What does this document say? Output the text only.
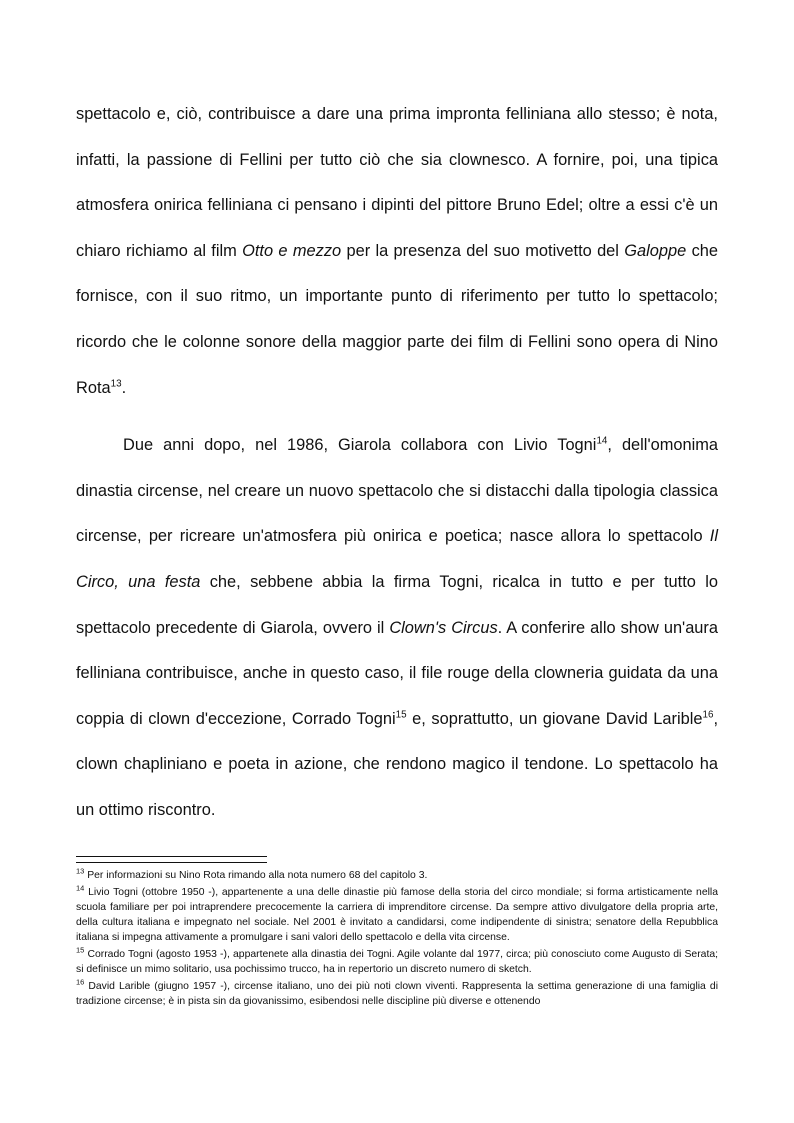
spettacolo e, ciò, contribuisce a dare una prima impronta felliniana allo stesso; è nota, infatti, la passione di Fellini per tutto ciò che sia clownesco. A fornire, poi, una tipica atmosfera onirica felliniana ci pensano i dipinti del pittore Bruno Edel; oltre a essi c'è un chiaro richiamo al film Otto e mezzo per la presenza del suo motivetto del Galoppe che fornisce, con il suo ritmo, un importante punto di riferimento per tutto lo spettacolo; ricordo che le colonne sonore della maggior parte dei film di Fellini sono opera di Nino Rota$^{13}$.

Due anni dopo, nel 1986, Giarola collabora con Livio Togni$^{14}$, dell'omonima dinastia circense, nel creare un nuovo spettacolo che si distacchi dalla tipologia classica circense, per ricreare un'atmosfera più onirica e poetica; nasce allora lo spettacolo Il Circo, una festa che, sebbene abbia la firma Togni, ricalca in tutto e per tutto lo spettacolo precedente di Giarola, ovvero il Clown's Circus. A conferire allo show un'aura felliniana contribuisce, anche in questo caso, il file rouge della clowneria guidata da una coppia di clown d'eccezione, Corrado Togni$^{15}$ e, soprattutto, un giovane David Larible$^{16}$, clown chapliniano e poeta in azione, che rendono magico il tendone. Lo spettacolo ha un ottimo riscontro.

$^{13}$ Per informazioni su Nino Rota rimando alla nota numero 68 del capitolo 3.

$^{14}$ Livio Togni (ottobre 1950 -), appartenente a una delle dinastie più famose della storia del circo mondiale; si forma artisticamente nella scuola familiare per poi intraprendere precocemente la carriera di imprenditore circense. Da sempre attivo divulgatore della propria arte, della cultura italiana e impegnato nel sociale. Nel 2001 è invitato a candidarsi, come indipendente di sinistra; senatore della Repubblica italiana si impegna attivamente a promulgare i sani valori dello spettacolo e della vita circense.

$^{15}$ Corrado Togni (agosto 1953 -), appartenete alla dinastia dei Togni. Agile volante dal 1977, circa; più conosciuto come Augusto di Serata; si definisce un mimo solitario, usa pochissimo trucco, ha in repertorio un discreto numero di sketch.

$^{16}$ David Larible (giugno 1957 -), circense italiano, uno dei più noti clown viventi. Rappresenta la settima generazione di una famiglia di tradizione circense; è in pista sin da giovanissimo, esibendosi nelle discipline più diverse e ottenendo
